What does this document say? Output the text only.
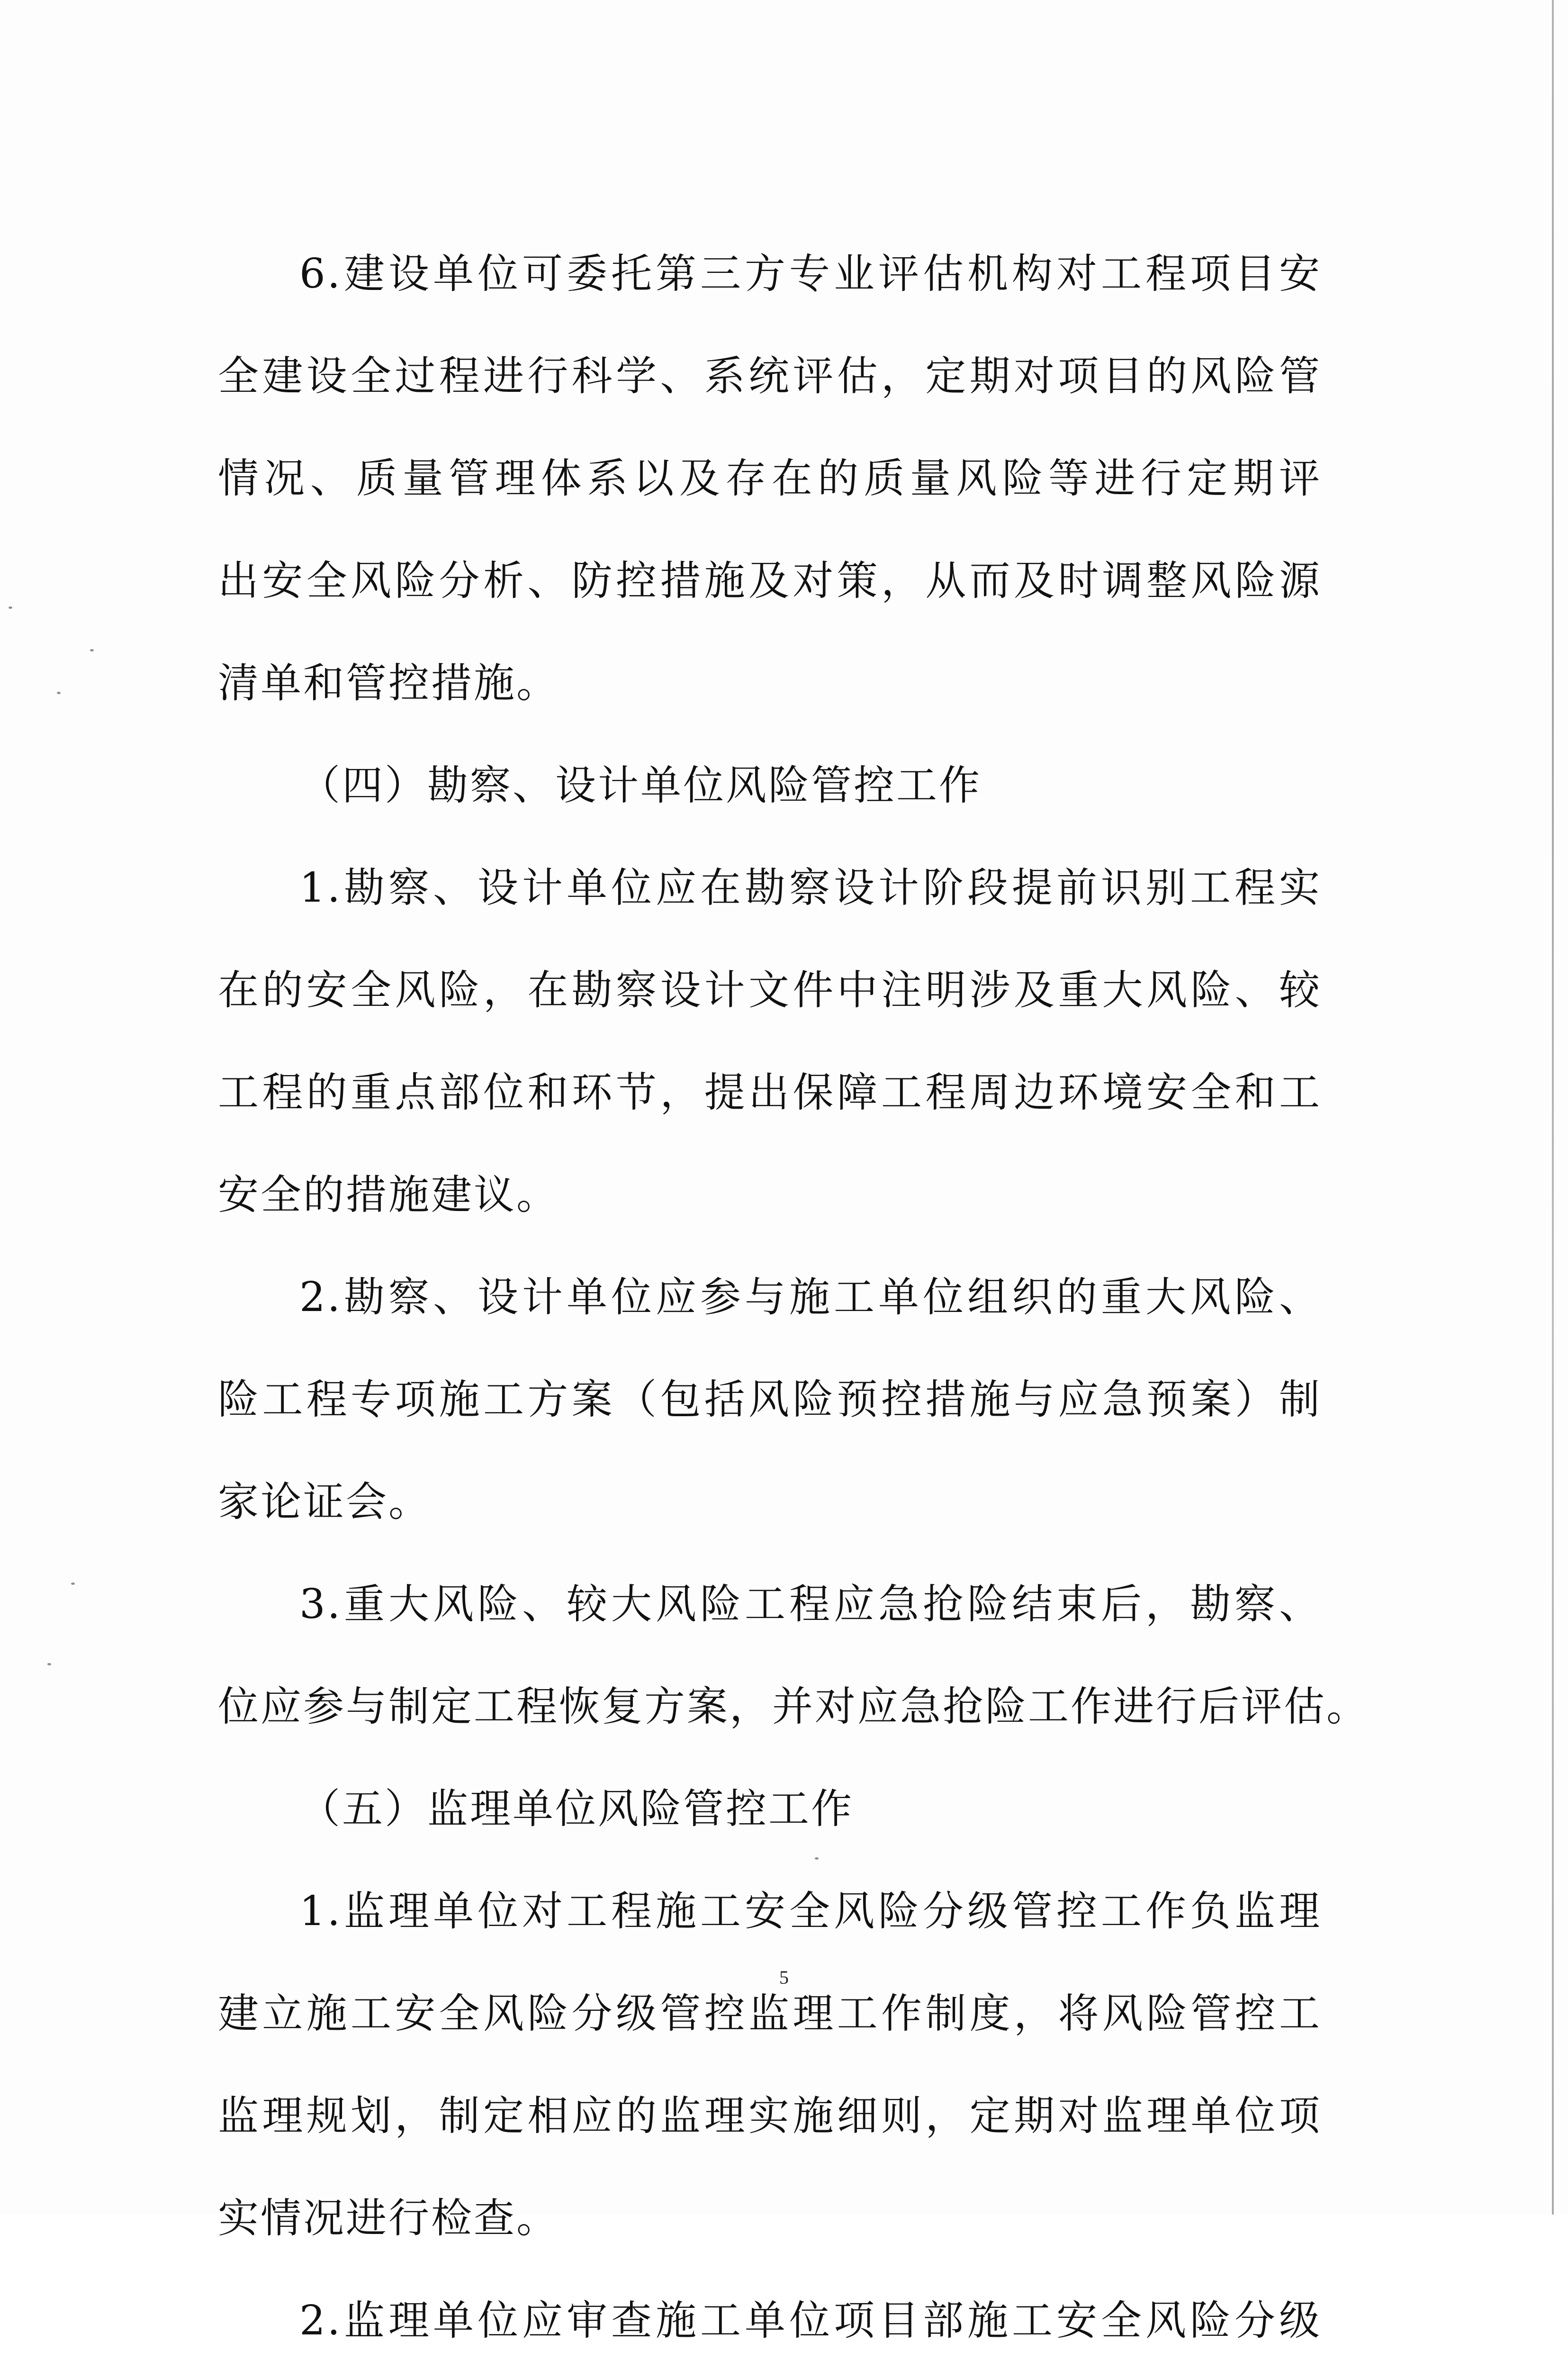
6.建设单位可委托第三方专业评估机构对工程项目安
全建设全过程进行科学、系统评估，定期对项目的风险管
情况、质量管理体系以及存在的质量风险等进行定期评
出安全风险分析、防控措施及对策，从而及时调整风险源
清单和管控措施。
（四）勘察、设计单位风险管控工作
1.勘察、设计单位应在勘察设计阶段提前识别工程实
在的安全风险，在勘察设计文件中注明涉及重大风险、较
工程的重点部位和环节，提出保障工程周边环境安全和工
安全的措施建议。
2.勘察、设计单位应参与施工单位组织的重大风险、
险工程专项施工方案（包括风险预控措施与应急预案）制
家论证会。
3.重大风险、较大风险工程应急抢险结束后，勘察、
位应参与制定工程恢复方案，并对应急抢险工作进行后评估。
（五）监理单位风险管控工作
1.监理单位对工程施工安全风险分级管控工作负监理
建立施工安全风险分级管控监理工作制度，将风险管控工
监理规划，制定相应的监理实施细则，定期对监理单位项
实情况进行检查。
2.监理单位应审查施工单位项目部施工安全风险分级
5
